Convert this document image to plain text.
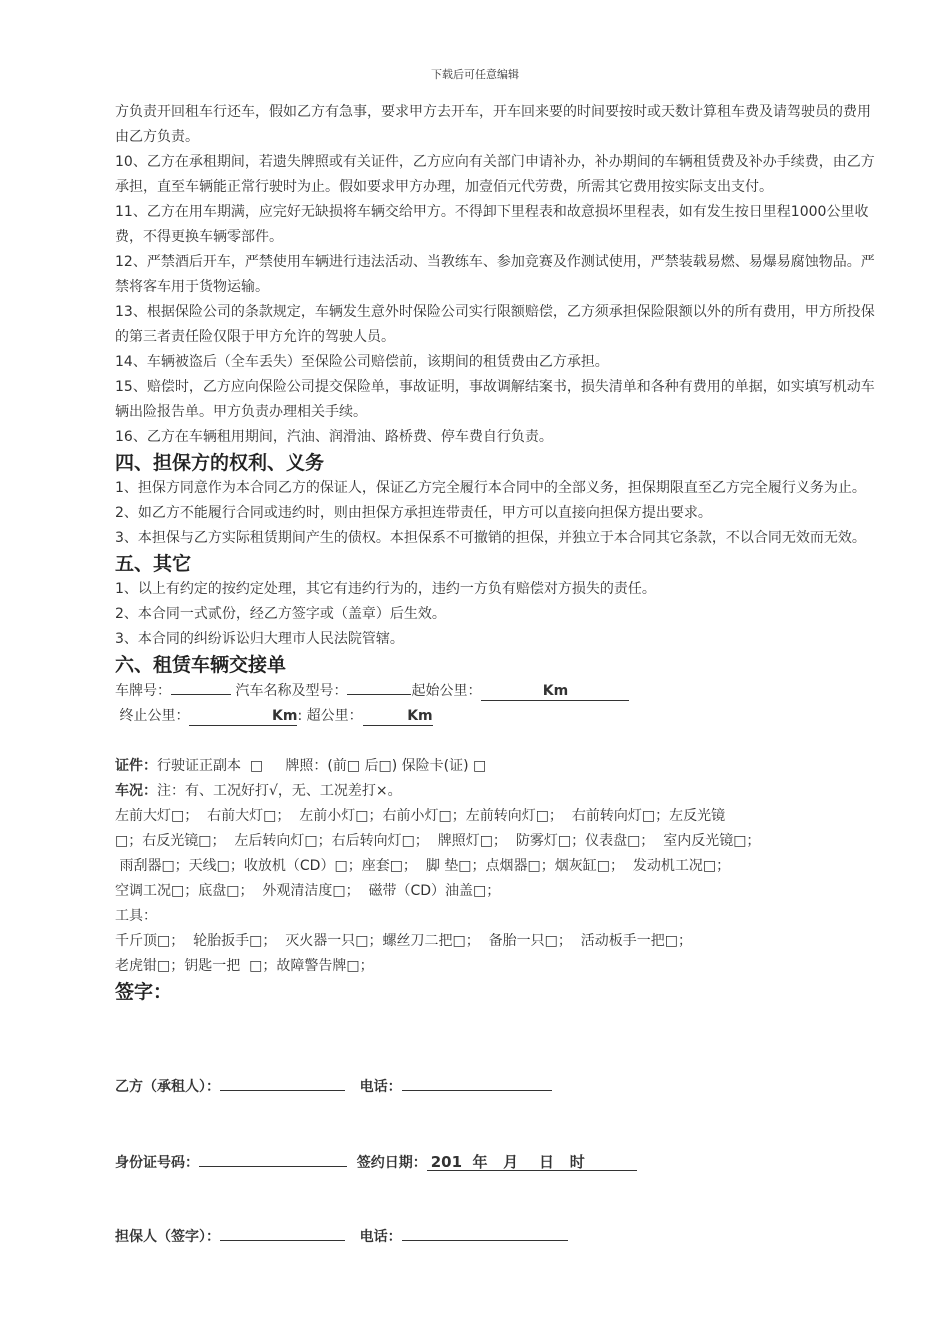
下载后可任意编辑

方负责开回租车行还车，假如乙方有急事，要求甲方去开车，开车回来要的时间要按时或天数计算租车费及请驾驶员的费用由乙方负责。

10、乙方在承租期间，若遗失牌照或有关证件，乙方应向有关部门申请补办，补办期间的车辆租赁费及补办手续费，由乙方承担，直至车辆能正常行驶时为止。假如要求甲方办理，加壹佰元代劳费，所需其它费用按实际支出支付。

11、乙方在用车期满，应完好无缺损将车辆交给甲方。不得卸下里程表和故意损坏里程表，如有发生按日里程1000公里收费，不得更换车辆零部件。

12、严禁酒后开车，严禁使用车辆进行违法活动、当教练车、参加竞赛及作测试使用，严禁装载易燃、易爆易腐蚀物品。严禁将客车用于货物运输。

13、根据保险公司的条款规定，车辆发生意外时保险公司实行限额赔偿，乙方须承担保险限额以外的所有费用，甲方所投保的第三者责任险仅限于甲方允许的驾驶人员。

14、车辆被盗后（全车丢失）至保险公司赔偿前，该期间的租赁费由乙方承担。

15、赔偿时，乙方应向保险公司提交保险单，事故证明，事故调解结案书，损失清单和各种有费用的单据，如实填写机动车辆出险报告单。甲方负责办理相关手续。

16、乙方在车辆租用期间，汽油、润滑油、路桥费、停车费自行负责。

四、担保方的权利、义务

1、担保方同意作为本合同乙方的保证人，保证乙方完全履行本合同中的全部义务，担保期限直至乙方完全履行义务为止。

2、如乙方不能履行合同或违约时，则由担保方承担连带责任，甲方可以直接向担保方提出要求。

3、本担保与乙方实际租赁期间产生的债权。本担保系不可撤销的担保，并独立于本合同其它条款，不以合同无效而无效。

五、其它

1、以上有约定的按约定处理，其它有违约行为的，违约一方负有赔偿对方损失的责任。

2、本合同一式贰份，经乙方签字或（盖章）后生效。

3、本合同的纠纷诉讼归大理市人民法院管辖。

六、租赁车辆交接单

车牌号：	汽车名称及型号：	起始公里：	Km
终止公里：	Km: 超公里：	Km

证件：行驶证正副本  □     牌照：(前□ 后□) 保险卡(证) □
车况：注：有、工况好打√，无、工况差打×。
左前大灯□；  右前大灯□；  左前小灯□；右前小灯□；左前转向灯□；  右前转向灯□；左反光镜
□；右反光镜□；  左后转向灯□；右后转向灯□；  牌照灯□；  防雾灯□；仪表盘□；  室内反光镜□；
雨刮器□；天线□；收放机（CD）□；座套□；  脚 垫□；点烟器□；烟灰缸□；  发动机工况□；
空调工况□；底盘□；  外观清洁度□；  磁带（CD）油盖□；
工具：
千斤顶□；  轮胎扳手□；  灭火器一只□；螺丝刀二把□；  备胎一只□；  活动板手一把□；
老虎钳□；钥匙一把  □；故障警告牌□；

签字：

乙方（承租人）：	电话：
身份证号码：	签约日期： 201  年   月    日   时
担保人（签字）：	电话：
